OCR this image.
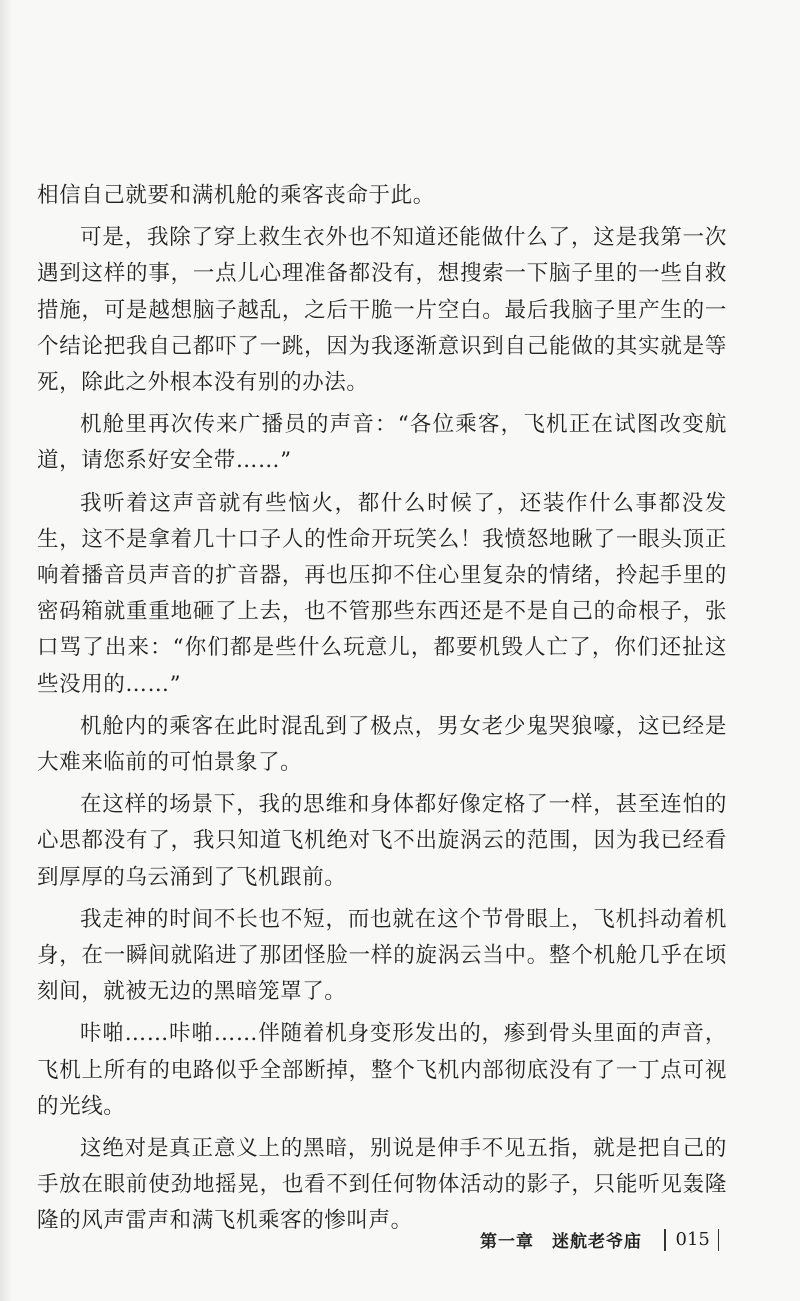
相信自己就要和满机舱的乘客丧命于此。

可是，我除了穿上救生衣外也不知道还能做什么了，这是我第一次遇到这样的事，一点儿心理准备都没有，想搜索一下脑子里的一些自救措施，可是越想脑子越乱，之后干脆一片空白。最后我脑子里产生的一个结论把我自己都吓了一跳，因为我逐渐意识到自己能做的其实就是等死，除此之外根本没有别的办法。

机舱里再次传来广播员的声音：“各位乘客，飞机正在试图改变航道，请您系好安全带……”

我听着这声音就有些恼火，都什么时候了，还装作什么事都没发生，这不是拿着几十口子人的性命开玩笑么！我愤怒地瞅了一眼头顶正响着播音员声音的扩音器，再也压抑不住心里复杂的情绪，拎起手里的密码箱就重重地砸了上去，也不管那些东西还是不是自己的命根子，张口骂了出来：“你们都是些什么玩意儿，都要机毁人亡了，你们还扯这些没用的……”

机舱内的乘客在此时混乱到了极点，男女老少鬼哭狼嚎，这已经是大难来临前的可怕景象了。

在这样的场景下，我的思维和身体都好像定格了一样，甚至连怕的心思都没有了，我只知道飞机绝对飞不出旋涡云的范围，因为我已经看到厚厚的乌云涌到了飞机跟前。

我走神的时间不长也不短，而也就在这个节骨眼上，飞机抖动着机身，在一瞬间就陷进了那团怪脸一样的旋涡云当中。整个机舱几乎在顷刻间，就被无边的黑暗笼罩了。

咔啪……咔啪……伴随着机身变形发出的，瘆到骨头里面的声音，飞机上所有的电路似乎全部断掉，整个飞机内部彻底没有了一丁点可视的光线。

这绝对是真正意义上的黑暗，别说是伸手不见五指，就是把自己的手放在眼前使劲地摇晃，也看不到任何物体活动的影子，只能听见轰隆隆的风声雷声和满飞机乘客的惨叫声。

第一章　迷航老爷庙 015
